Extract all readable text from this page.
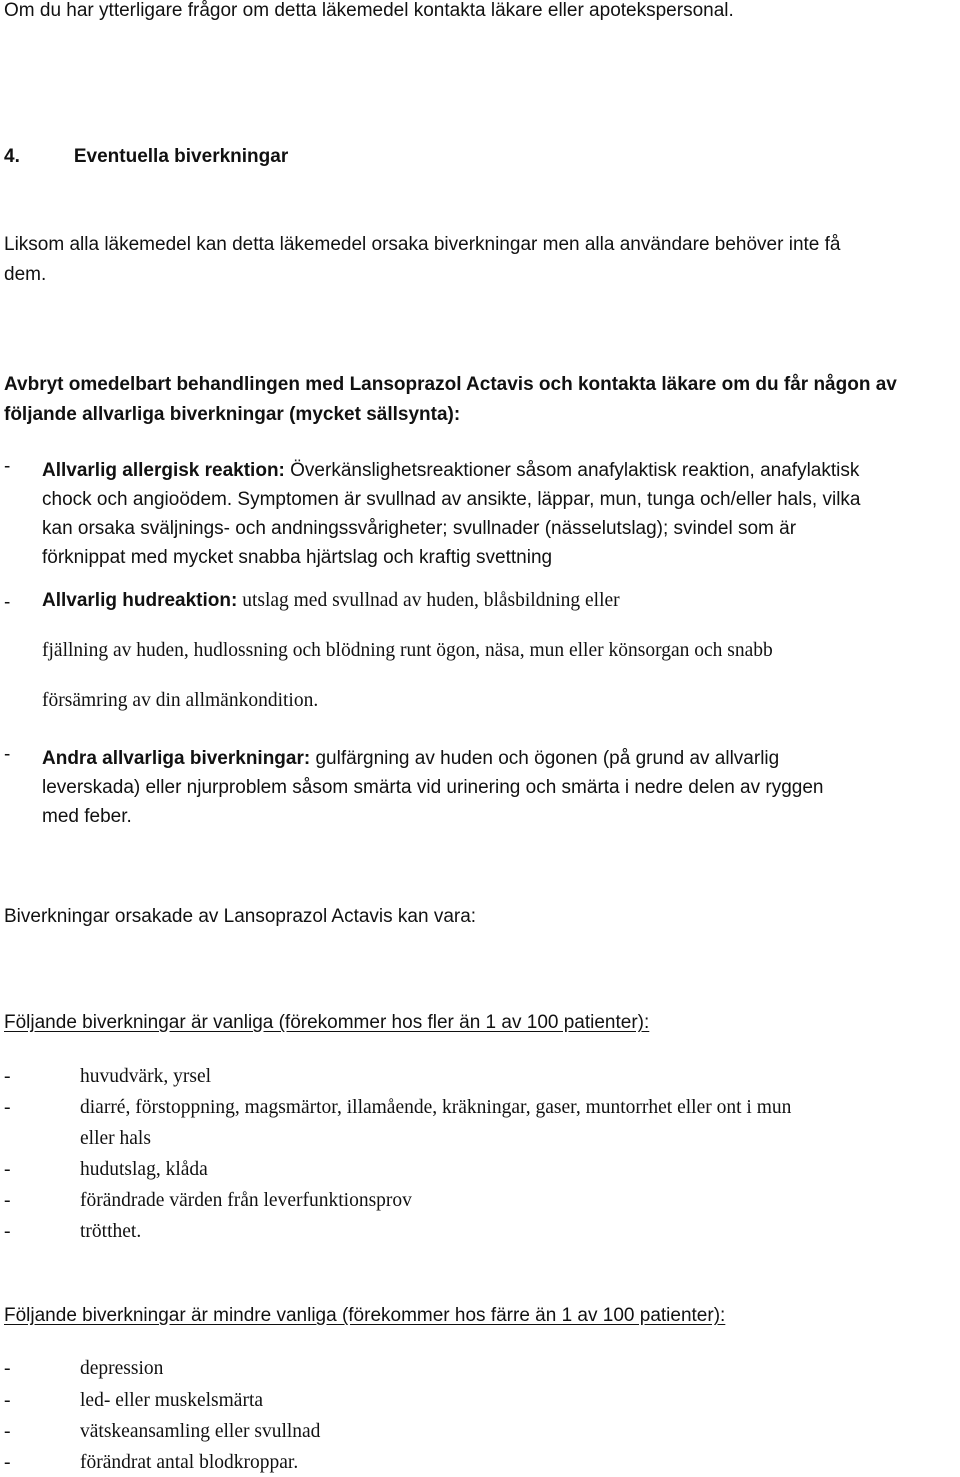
Om du har ytterligare frågor om detta läkemedel kontakta läkare eller apotekspersonal.
4.	Eventuella biverkningar
Liksom alla läkemedel kan detta läkemedel orsaka biverkningar men alla användare behöver inte få
dem.
Avbryt omedelbart behandlingen med Lansoprazol Actavis och kontakta läkare om du får någon av
följande allvarliga biverkningar (mycket sällsynta):
- Allvarlig allergisk reaktion: Överkänslighetsreaktioner såsom anafylaktisk reaktion, anafylaktisk
chock och angioödem. Symptomen är svullnad av ansikte, läppar, mun, tunga och/eller hals, vilka
kan orsaka sväljnings- och andningssvårigheter; svullnader (nässelutslag); svindel som är
förknippat med mycket snabba hjärtslag och kraftig svettning
- Allvarlig hudreaktion: utslag med svullnad av huden, blåsbildning eller
fjällning av huden, hudlossning och blödning runt ögon, näsa, mun eller könsorgan och snabb
försämring av din allmänkondition.
- Andra allvarliga biverkningar: gulfärgning av huden och ögonen (på grund av allvarlig
leverskada) eller njurproblem såsom smärta vid urinering och smärta i nedre delen av ryggen
med feber.
Biverkningar orsakade av Lansoprazol Actavis kan vara:
Följande biverkningar är vanliga (förekommer hos fler än 1 av 100 patienter):
-	huvudvärk, yrsel
-	diarré, förstoppning, magsmärtor, illamående, kräkningar, gaser, muntorrhet eller ont i mun
eller hals
-	hudutslag, klåda
-	förändrade värden från leverfunktionsprov
-	trötthet.
Följande biverkningar är mindre vanliga (förekommer hos färre än 1 av 100 patienter):
-	depression
-	led- eller muskelsmärta
-	vätskeansamling eller svullnad
-	förändrat antal blodkroppar.
